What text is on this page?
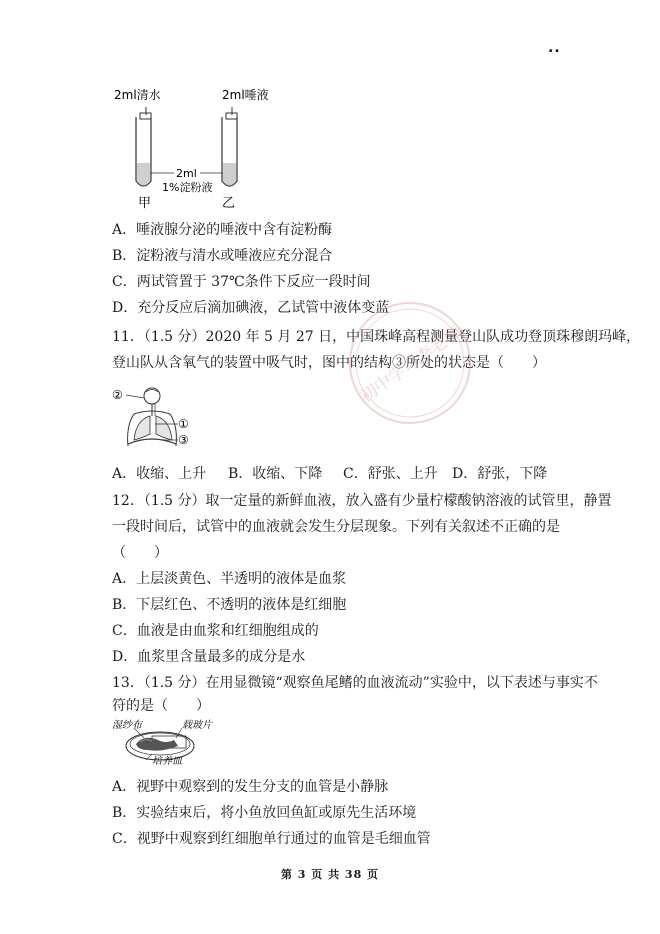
..
2ml清水	2ml唾液
2ml
1%淀粉液
甲	乙
A．唾液腺分泌的唾液中含有淀粉酶
B．淀粉液与清水或唾液应充分混合
C．两试管置于 37℃条件下反应一段时间
D．充分反应后滴加碘液，乙试管中液体变蓝
11．（1.5 分）2020 年 5 月 27 日，中国珠峰高程测量登山队成功登顶珠穆朗玛峰，
登山队从含氧气的装置中吸气时，图中的结构③所处的状态是（　　）
②
①
③
A．收缩、上升 B．收缩、下降 C．舒张、上升 D．舒张，下降
12．（1.5 分）取一定量的新鲜血液，放入盛有少量柠檬酸钠溶液的试管里，静置
一段时间后，试管中的血液就会发生分层现象。下列有关叙述不正确的是
（　　）
A．上层淡黄色、半透明的液体是血浆
B．下层红色、不透明的液体是红细胞
C．血液是由血浆和红细胞组成的
D．血浆里含量最多的成分是水
13．（1.5 分）在用显微镜“观察鱼尾鳍的血液流动”实验中，以下表述与事实不
符的是（　　）
湿纱布	载玻片
培养皿
A．视野中观察到的发生分支的血管是小静脉
B．实验结束后，将小鱼放回鱼缸或原先生活环境
C．视野中观察到红细胞单行通过的血管是毛细血管
初中学习李老师
第 3 页 共 38 页
